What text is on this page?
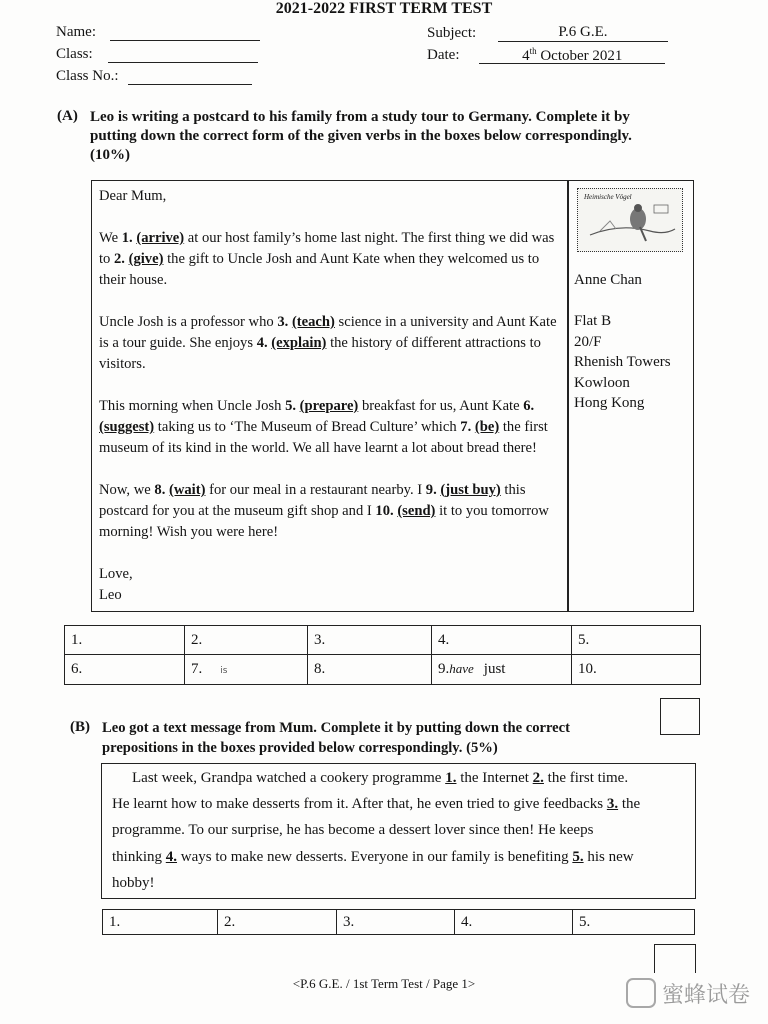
2021-2022 FIRST TERM TEST
Name:
Class:
Class No.:
Subject:	P.6 G.E.
Date:	4th October 2021
(A) Leo is writing a postcard to his family from a study tour to Germany. Complete it by
putting down the correct form of the given verbs in the boxes below correspondingly.
(10%)

Dear Mum,

We 1. (arrive) at our host family’s home last night. The first thing we did was to 2. (give) the gift to Uncle Josh and Aunt Kate when they welcomed us to their house.

Uncle Josh is a professor who 3. (teach) science in a university and Aunt Kate is a tour guide. She enjoys 4. (explain) the history of different attractions to visitors.

This morning when Uncle Josh 5. (prepare) breakfast for us, Aunt Kate 6. (suggest) taking us to ‘The Museum of Bread Culture’ which 7. (be) the first museum of its kind in the world. We all have learnt a lot about bread there!

Now, we 8. (wait) for our meal in a restaurant nearby. I 9. (just buy) this postcard for you at the museum gift shop and I 10. (send) it to you tomorrow morning! Wish you were here!

Love,

Leo

Heimische Vögel
Anne Chan
Flat B
20/F
Rhenish Towers
Kowloon
Hong Kong
1.	2.	3.	4.	5.
6.	7. is	8.	9.have just	10.
(B) Leo got a text message from Mum. Complete it by putting down the correct
prepositions in the boxes provided below correspondingly. (5%)
Last week, Grandpa watched a cookery programme 1. the Internet 2. the first time.
He learnt how to make desserts from it. After that, he even tried to give feedbacks 3. the
programme. To our surprise, he has become a dessert lover since then! He keeps
thinking 4. ways to make new desserts. Everyone in our family is benefiting 5. his new
hobby!
1.	2.	3.	4.	5.
<P.6 G.E. / 1st Term Test / Page 1>	蜜蜂试卷
